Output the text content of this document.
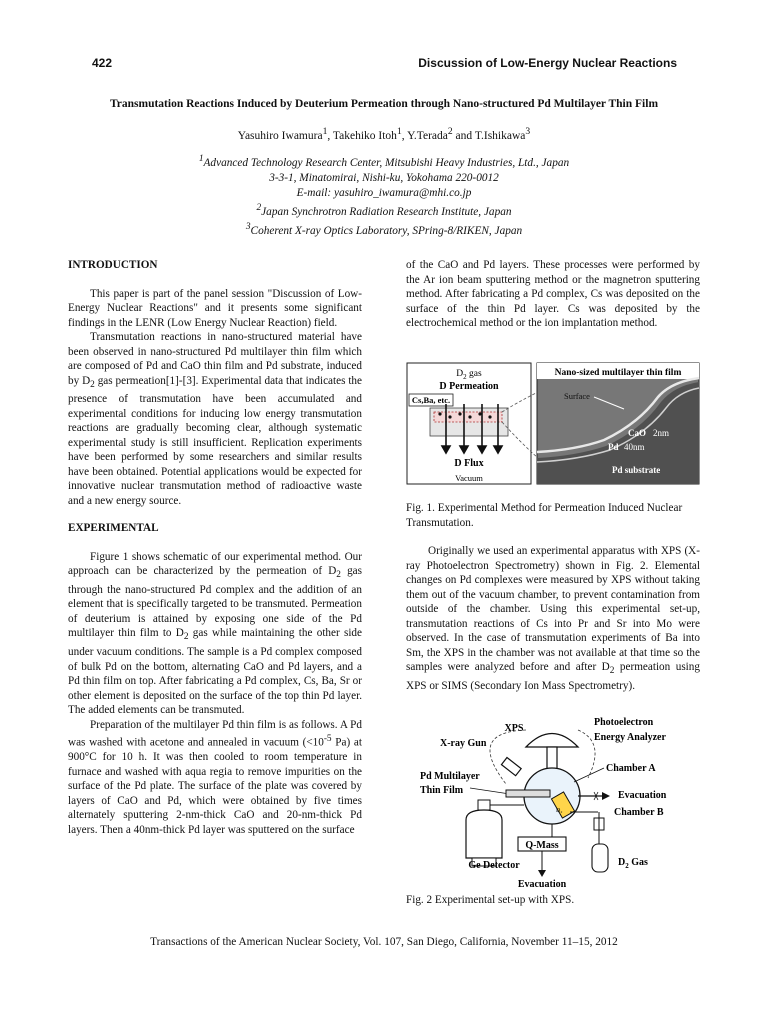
422	Discussion of Low-Energy Nuclear Reactions
Transmutation Reactions Induced by Deuterium Permeation through Nano-structured Pd Multilayer Thin Film
Yasuhiro Iwamura$^1$, Takehiko Itoh$^1$, Y.Terada$^2$ and T.Ishikawa$^3$
$^1$Advanced Technology Research Center, Mitsubishi Heavy Industries, Ltd., Japan
3-3-1, Minatomirai, Nishi-ku, Yokohama 220-0012
E-mail: yasuhiro_iwamura@mhi.co.jp
$^2$Japan Synchrotron Radiation Research Institute, Japan
$^3$Coherent X-ray Optics Laboratory, SPring-8/RIKEN, Japan
INTRODUCTION

This paper is part of the panel session "Discussion of Low-Energy Nuclear Reactions" and it presents some significant findings in the LENR (Low Energy Nuclear Reaction) field.

Transmutation reactions in nano-structured material have been observed in nano-structured Pd multilayer thin film which are composed of Pd and CaO thin film and Pd substrate, induced by $D_2$ gas permeation[1]-[3]. Experimental data that indicates the presence of transmutation have been accumulated and experimental conditions for inducing low energy transmutation reactions are gradually becoming clear, although systematic experimental study is still insufficient. Replication experiments have been performed by some researchers and similar results have been obtained. Potential applications would be expected for innovative nuclear transmutation method of radioactive waste and a new energy source.

EXPERIMENTAL

Figure 1 shows schematic of our experimental method. Our approach can be characterized by the permeation of $D_2$ gas through the nano-structured Pd complex and the addition of an element that is specifically targeted to be transmuted. Permeation of deuterium is attained by exposing one side of the Pd multilayer thin film to $D_2$ gas while maintaining the other side under vacuum conditions. The sample is a Pd complex composed of bulk Pd on the bottom, alternating CaO and Pd layers, and a Pd thin film on top. After fabricating a Pd complex, Cs, Ba, Sr or other element is deposited on the surface of the top thin Pd layer. The added elements can be transmuted.

Preparation of the multilayer Pd thin film is as follows. A Pd was washed with acetone and annealed in vacuum ($<10^{-5}$ Pa) at 900°C for 10 h. It was then cooled to room temperature in furnace and washed with aqua regia to remove impurities on the surface of the Pd plate. The surface of the plate was covered by layers of CaO and Pd, which were obtained by five times alternately sputtering 2-nm-thick CaO and 20-nm-thick Pd layers. Then a 40nm-thick Pd layer was sputtered on the surface

of the CaO and Pd layers. These processes were performed by the Ar ion beam sputtering method or the magnetron sputtering method. After fabricating a Pd complex, Cs was deposited on the surface of the thin Pd layer. Cs was deposited by the electrochemical method or the ion implantation method.

$D_2$ gas
D Permeation
Cs,Ba, etc.
D Flux
Vacuum
Nano-sized multilayer thin film
Surface
CaO 2nm
Pd 40nm
Pd substrate
Fig. 1. Experimental Method for Permeation Induced Nuclear Transmutation.

Originally we used an experimental apparatus with XPS (X-ray Photoelectron Spectrometry) shown in Fig. 2. Elemental changes on Pd complexes were measured by XPS without taking them out of the vacuum chamber, to prevent contamination from outside of the chamber. Using this experimental set-up, transmutation reactions of Cs into Pr and Sr into Mo were observed. In the case of transmutation experiments of Ba into Sm, the XPS in the chamber was not available at that time so the samples were analyzed before and after $D_2$ permeation using XPS or SIMS (Secondary Ion Mass Spectrometry).

XPS
Photoelectron
Energy Analyzer
X-ray Gun
Chamber A
Pd Multilayer
Thin Film
D₂
Evacuation
Chamber B
$D_2$ Gas
Q-Mass
Evacuation
Ge Detector
Fig. 2 Experimental set-up with XPS.
Transactions of the American Nuclear Society, Vol. 107, San Diego, California, November 11–15, 2012
